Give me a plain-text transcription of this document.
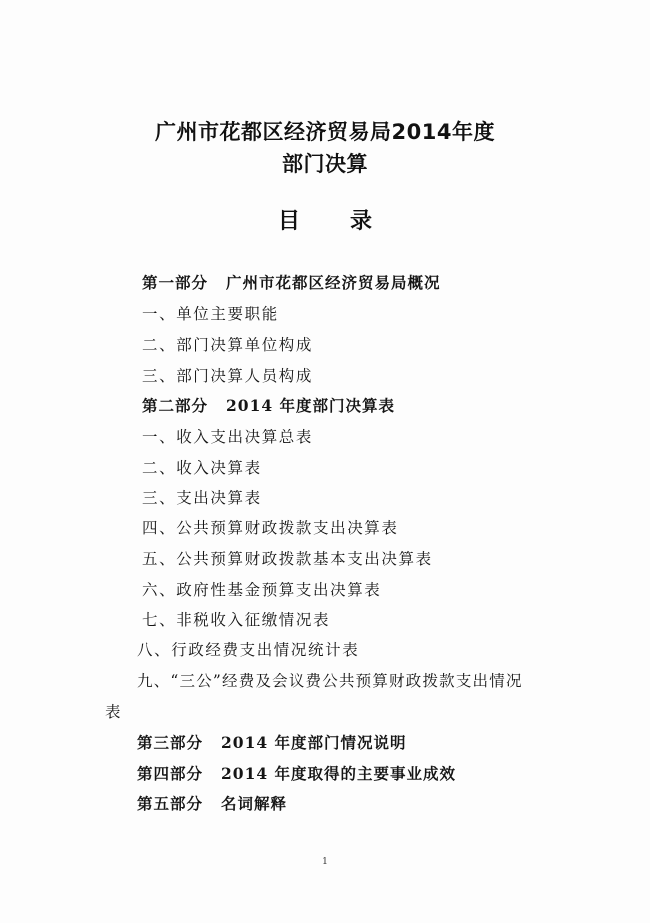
广州市花都区经济贸易局2014年度
部门决算
目 录
第一部分 广州市花都区经济贸易局概况
一、单位主要职能
二、部门决算单位构成
三、部门决算人员构成
第二部分 2014 年度部门决算表
一、收入支出决算总表
二、收入决算表
三、支出决算表
四、公共预算财政拨款支出决算表
五、公共预算财政拨款基本支出决算表
六、政府性基金预算支出决算表
七、非税收入征缴情况表
八、行政经费支出情况统计表
九、“三公”经费及会议费公共预算财政拨款支出情况
表
第三部分 2014 年度部门情况说明
第四部分 2014 年度取得的主要事业成效
第五部分 名词解释
1
